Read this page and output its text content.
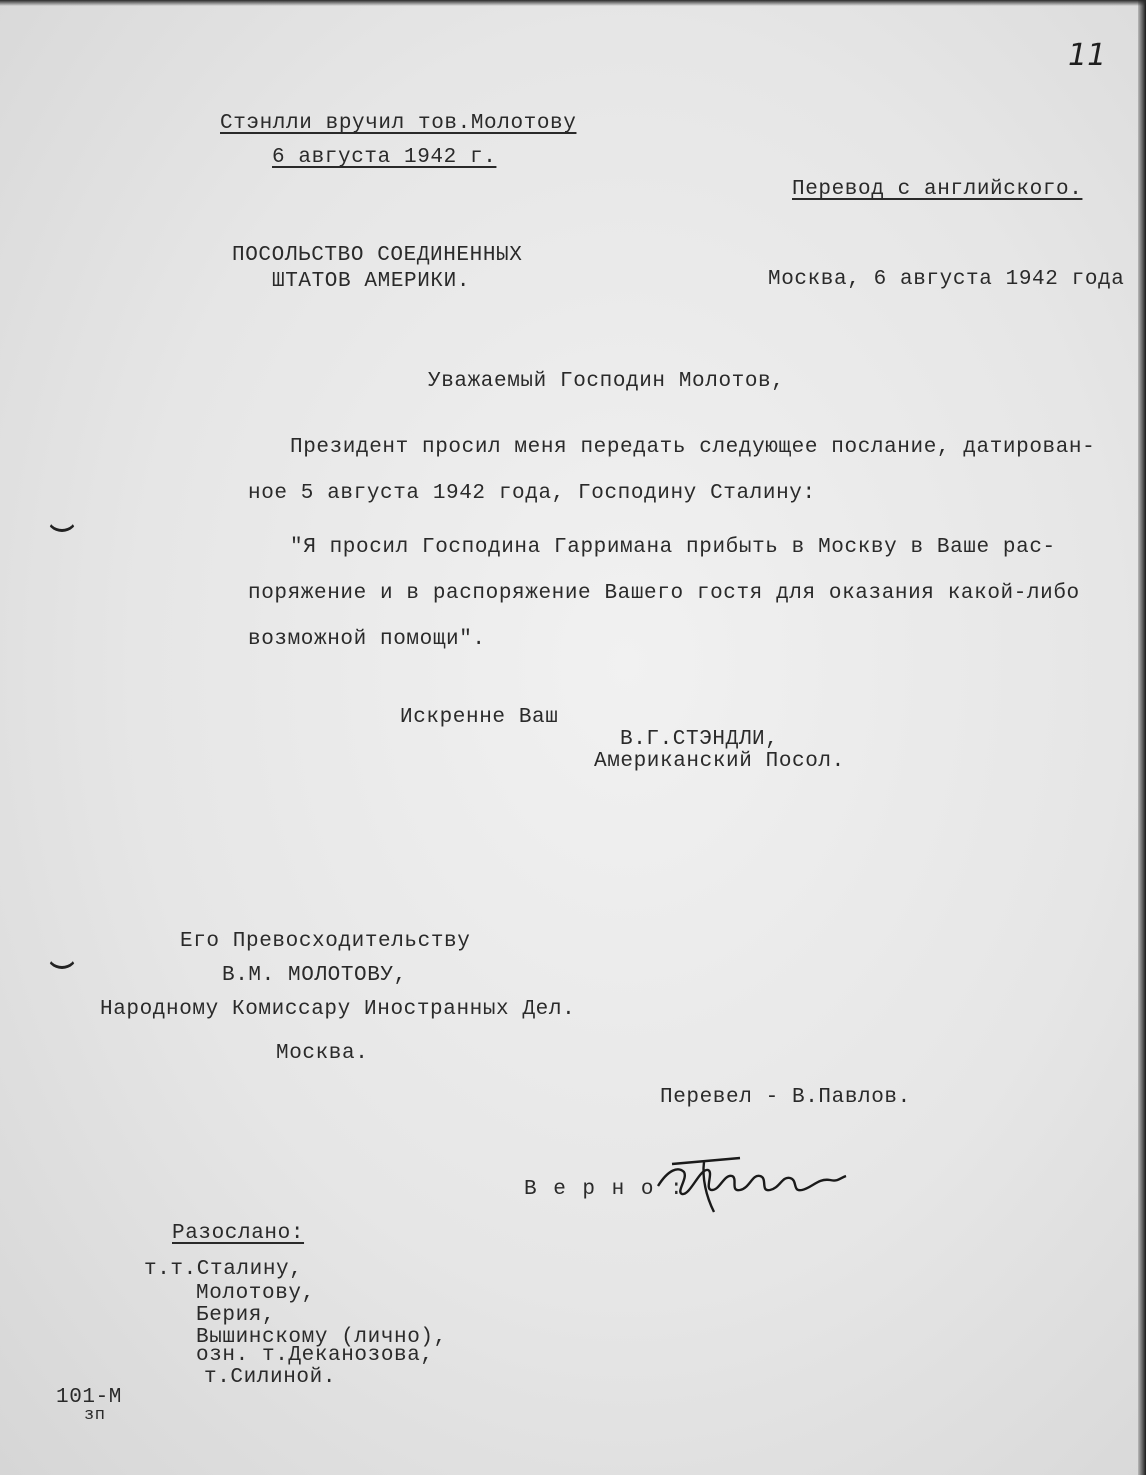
11
Стэнлли вручил тов.Молотову
6 августа 1942 г.
Перевод с английского.
ПОСОЛЬСТВО СОЕДИНЕННЫХ
ШТАТОВ АМЕРИКИ.	Москва, 6 августа 1942 года
Уважаемый Господин Молотов,
Президент просил меня передать следующее послание, датирован-
ное 5 августа 1942 года, Господину Сталину:
"Я просил Господина Гарримана прибыть в Москву в Ваше рас-
поряжение и в распоряжение Вашего гостя для оказания какой-либо
возможной помощи".
Искренне Ваш
В.Г.СТЭНДЛИ,
Американский Посол.
Его Превосходительству
В.М. МОЛОТОВУ,
Народному Комиссару Иностранных Дел.
Москва.
Перевел - В.Павлов.
В е р н о :
Разослано:
т.т.Сталину,
Молотову,
Берия,
Вышинскому (лично),
озн. т.Деканозова,
т.Силиной.
101-М
зп
